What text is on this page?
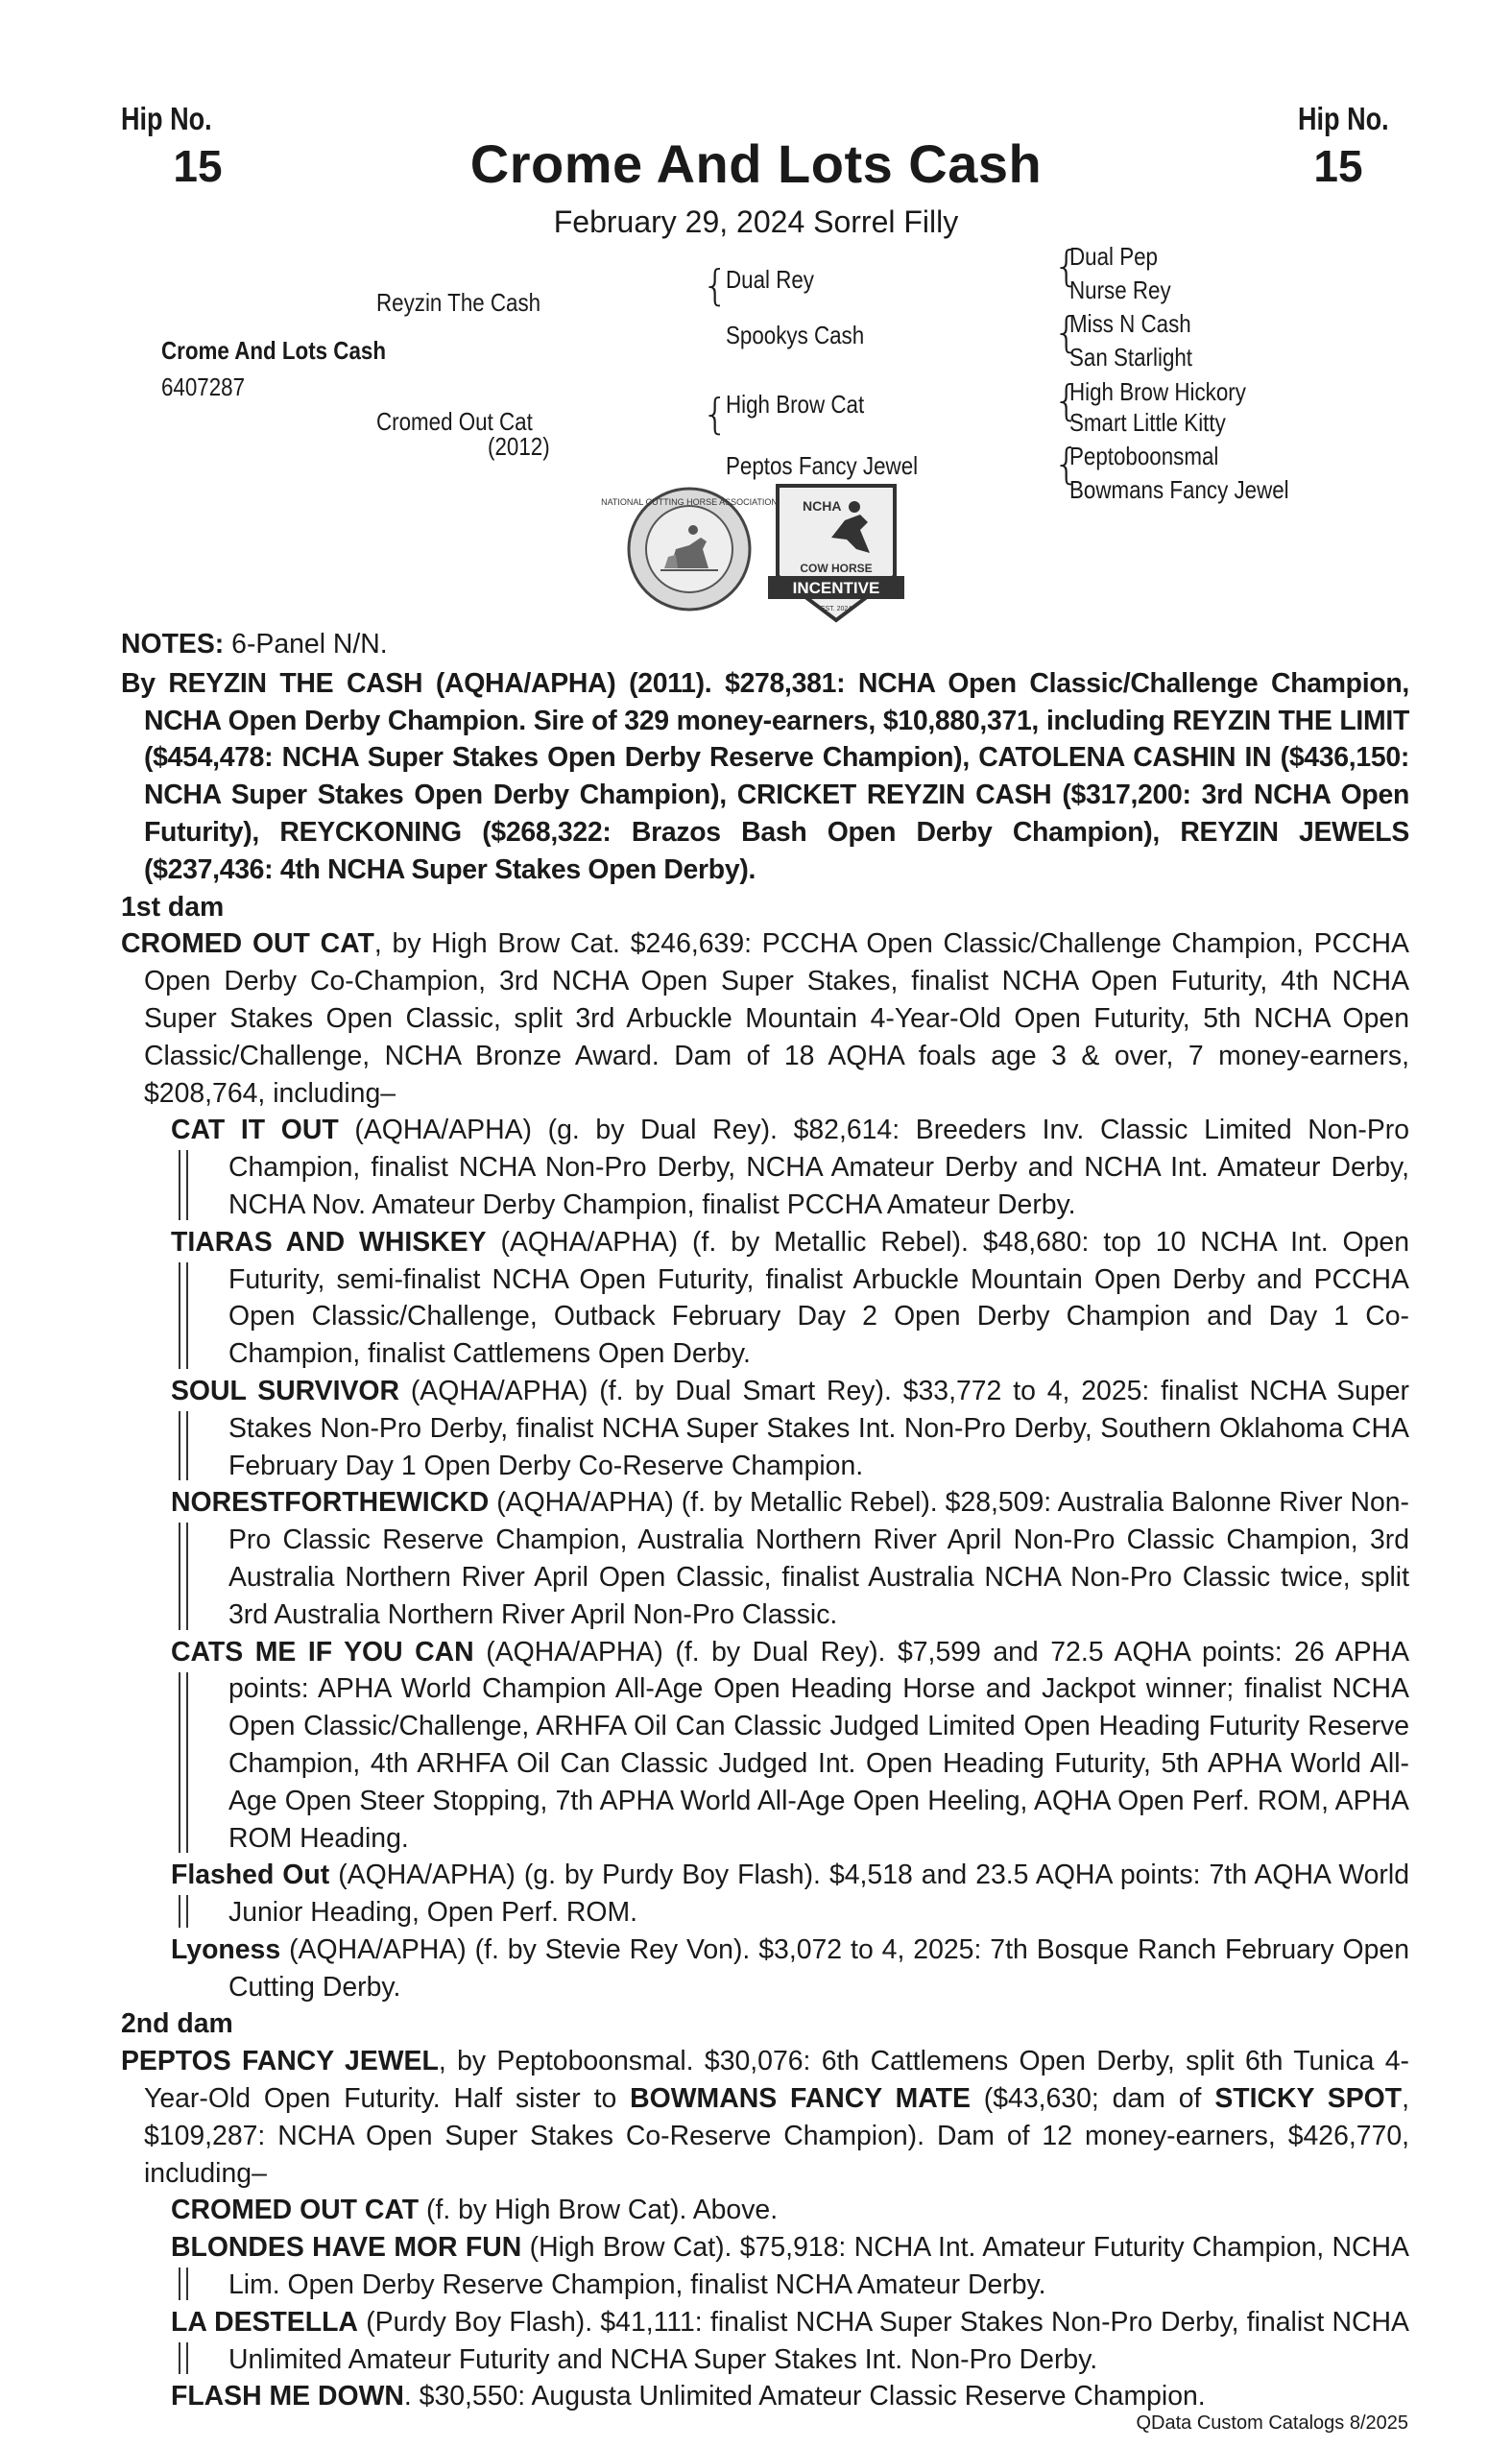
Hip No.
15
Hip No.
15
Crome And Lots Cash
February 29, 2024 Sorrel Filly
Crome And Lots Cash
6407287
Reyzin The Cash
Cromed Out Cat
(2012)
{
Dual Rey
Spookys Cash
{
High Brow Cat
Peptos Fancy Jewel
{
Dual Pep
Nurse Rey
{
Miss N Cash
San Starlight
{
High Brow Hickory
Smart Little Kitty
{
Peptoboonsmal
Bowmans Fancy Jewel
NATIONAL CUTTING HORSE ASSOCIATION NCHA
COW HORSE
INCENTIVE
EST. 2024

NOTES: 6-Panel N/N.

By REYZIN THE CASH (AQHA/APHA) (2011). $278,381: NCHA Open Classic/Challenge Champion, NCHA Open Derby Champion. Sire of 329 money-earners, $10,880,371, including REYZIN THE LIMIT ($454,478: NCHA Super Stakes Open Derby Reserve Champion), CATOLENA CASHIN IN ($436,150: NCHA Super Stakes Open Derby Champion), CRICKET REYZIN CASH ($317,200: 3rd NCHA Open Futurity), REYCKONING ($268,322: Brazos Bash Open Derby Champion), REYZIN JEWELS ($237,436: 4th NCHA Super Stakes Open Derby).

1st dam

CROMED OUT CAT, by High Brow Cat. $246,639: PCCHA Open Classic/Challenge Champion, PCCHA Open Derby Co-Champion, 3rd NCHA Open Super Stakes, finalist NCHA Open Futurity, 4th NCHA Super Stakes Open Classic, split 3rd Arbuckle Mountain 4-Year-Old Open Futurity, 5th NCHA Open Classic/Challenge, NCHA Bronze Award. Dam of 18 AQHA foals age 3 & over, 7 money-earners, $208,764, including–

CAT IT OUT (AQHA/APHA) (g. by Dual Rey). $82,614: Breeders Inv. Classic Limited Non-Pro Champion, finalist NCHA Non-Pro Derby, NCHA Amateur Derby and NCHA Int. Amateur Derby, NCHA Nov. Amateur Derby Champion, finalist PCCHA Amateur Derby.

TIARAS AND WHISKEY (AQHA/APHA) (f. by Metallic Rebel). $48,680: top 10 NCHA Int. Open Futurity, semi-finalist NCHA Open Futurity, finalist Arbuckle Mountain Open Derby and PCCHA Open Classic/Challenge, Outback February Day 2 Open Derby Champion and Day 1 Co-Champion, finalist Cattlemens Open Derby.

SOUL SURVIVOR (AQHA/APHA) (f. by Dual Smart Rey). $33,772 to 4, 2025: finalist NCHA Super Stakes Non-Pro Derby, finalist NCHA Super Stakes Int. Non-Pro Derby, Southern Oklahoma CHA February Day 1 Open Derby Co-Reserve Champion.

NORESTFORTHEWICKD (AQHA/APHA) (f. by Metallic Rebel). $28,509: Australia Balonne River Non-Pro Classic Reserve Champion, Australia Northern River April Non-Pro Classic Champion, 3rd Australia Northern River April Open Classic, finalist Australia NCHA Non-Pro Classic twice, split 3rd Australia Northern River April Non-Pro Classic.

CATS ME IF YOU CAN (AQHA/APHA) (f. by Dual Rey). $7,599 and 72.5 AQHA points: 26 APHA points: APHA World Champion All-Age Open Heading Horse and Jackpot winner; finalist NCHA Open Classic/Challenge, ARHFA Oil Can Classic Judged Limited Open Heading Futurity Reserve Champion, 4th ARHFA Oil Can Classic Judged Int. Open Heading Futurity, 5th APHA World All-Age Open Steer Stopping, 7th APHA World All-Age Open Heeling, AQHA Open Perf. ROM, APHA ROM Heading.

Flashed Out (AQHA/APHA) (g. by Purdy Boy Flash). $4,518 and 23.5 AQHA points: 7th AQHA World Junior Heading, Open Perf. ROM.

Lyoness (AQHA/APHA) (f. by Stevie Rey Von). $3,072 to 4, 2025: 7th Bosque Ranch February Open Cutting Derby.

2nd dam

PEPTOS FANCY JEWEL, by Peptoboonsmal. $30,076: 6th Cattlemens Open Derby, split 6th Tunica 4-Year-Old Open Futurity. Half sister to BOWMANS FANCY MATE ($43,630; dam of STICKY SPOT, $109,287: NCHA Open Super Stakes Co-Reserve Champion). Dam of 12 money-earners, $426,770, including–

CROMED OUT CAT (f. by High Brow Cat). Above.

BLONDES HAVE MOR FUN (High Brow Cat). $75,918: NCHA Int. Amateur Futurity Champion, NCHA Lim. Open Derby Reserve Champion, finalist NCHA Amateur Derby.

LA DESTELLA (Purdy Boy Flash). $41,111: finalist NCHA Super Stakes Non-Pro Derby, finalist NCHA Unlimited Amateur Futurity and NCHA Super Stakes Int. Non-Pro Derby.

FLASH ME DOWN. $30,550: Augusta Unlimited Amateur Classic Reserve Champion.

QData Custom Catalogs 8/2025
